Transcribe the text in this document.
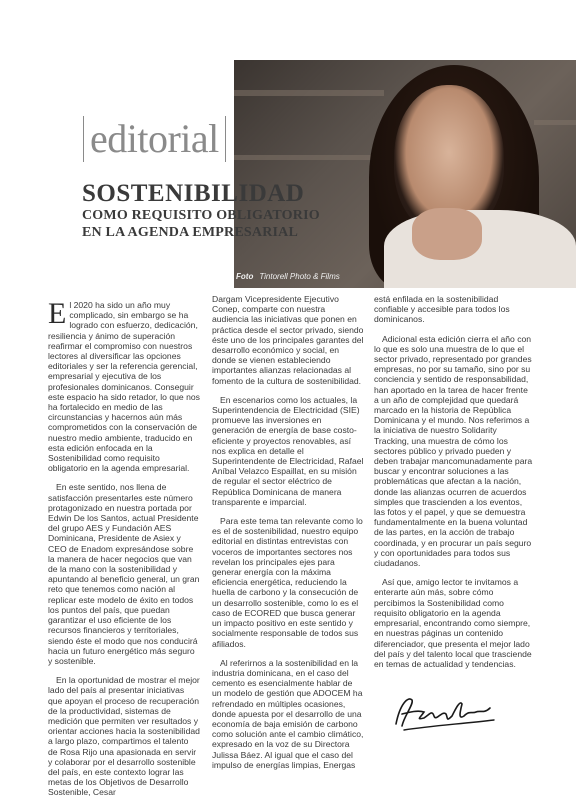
Foto Tintorell Photo & Films
editorial
SOSTENIBILIDAD
COMO REQUISITO OBLIGATORIO
EN LA AGENDA EMPRESARIAL

El 2020 ha sido un año muy complicado, sin embargo se ha logrado con esfuerzo, dedicación, resiliencia y ánimo de superación reafirmar el compromiso con nuestros lectores al diversificar las opciones editoriales y ser la referencia gerencial, empresarial y ejecutiva de los profesionales dominicanos. Conseguir este espacio ha sido retador, lo que nos ha fortalecido en medio de las circunstancias y hacernos aún más comprometidos con la conservación de nuestro medio ambiente, traducido en esta edición enfocada en la Sostenibilidad como requisito obligatorio en la agenda empresarial.

En este sentido, nos llena de satisfacción presentarles este número protagonizado en nuestra portada por Edwin De los Santos, actual Presidente del grupo AES y Fundación AES Dominicana, Presidente de Asiex y CEO de Enadom expresándose sobre la manera de hacer negocios que van de la mano con la sostenibilidad y apuntando al beneficio general, un gran reto que tenemos como nación al replicar este modelo de éxito en todos los puntos del país, que puedan garantizar el uso eficiente de los recursos financieros y territoriales, siendo éste el modo que nos conducirá hacia un futuro energético más seguro y sostenible.

En la oportunidad de mostrar el mejor lado del país al presentar iniciativas que apoyan el proceso de recuperación de la productividad, sistemas de medición que permiten ver resultados y orientar acciones hacia la sostenibilidad a largo plazo, compartimos el talento de Rosa Rijo una apasionada en servir y colaborar por el desarrollo sostenible del país, en este contexto lograr las metas de los Objetivos de Desarrollo Sostenible, Cesar

Dargam Vicepresidente Ejecutivo Conep, comparte con nuestra audiencia las iniciativas que ponen en práctica desde el sector privado, siendo éste uno de los principales garantes del desarrollo económico y social, en donde se vienen estableciendo importantes alianzas relacionadas al fomento de la cultura de sostenibilidad.

En escenarios como los actuales, la Superintendencia de Electricidad (SIE) promueve las inversiones en generación de energía de base costo-eficiente y proyectos renovables, así nos explica en detalle el Superintendente de Electricidad, Rafael Aníbal Velazco Espaillat, en su misión de regular el sector eléctrico de República Dominicana de manera transparente e imparcial.

Para este tema tan relevante como lo es el de sostenibilidad, nuestro equipo editorial en distintas entrevistas con voceros de importantes sectores nos revelan los principales ejes para generar energía con la máxima eficiencia energética, reduciendo la huella de carbono y la consecución de un desarrollo sostenible, como lo es el caso de ECORED que busca generar un impacto positivo en este sentido y socialmente responsable de todos sus afiliados.

Al referirnos a la sostenibilidad en la industria dominicana, en el caso del cemento es esencialmente hablar de un modelo de gestión que ADOCEM ha refrendado en múltiples ocasiones, donde apuesta por el desarrollo de una economía de baja emisión de carbono como solución ante el cambio climático, expresado en la voz de su Directora Julissa Báez. Al igual que el caso del impulso de energías limpias, Energas

está enfilada en la sostenibilidad confiable y accesible para todos los dominicanos.

Adicional esta edición cierra el año con lo que es solo una muestra de lo que el sector privado, representado por grandes empresas, no por su tamaño, sino por su conciencia y sentido de responsabilidad, han aportado en la tarea de hacer frente a un año de complejidad que quedará marcado en la historia de República Dominicana y el mundo. Nos referimos a la iniciativa de nuestro Solidarity Tracking, una muestra de cómo los sectores público y privado pueden y deben trabajar mancomunadamente para buscar y encontrar soluciones a las problemáticas que afectan a la nación, donde las alianzas ocurren de acuerdos simples que trascienden a los eventos, las fotos y el papel, y que se demuestra fundamentalmente en la buena voluntad de las partes, en la acción de trabajo coordinada, y en procurar un país seguro y con oportunidades para todos sus ciudadanos.

Así que, amigo lector te invitamos a enterarte aún más, sobre cómo percibimos la Sostenibilidad como requisito obligatorio en la agenda empresarial, encontrando como siempre, en nuestras páginas un contenido diferenciador, que presenta el mejor lado del país y del talento local que trasciende en temas de actualidad y tendencias.
